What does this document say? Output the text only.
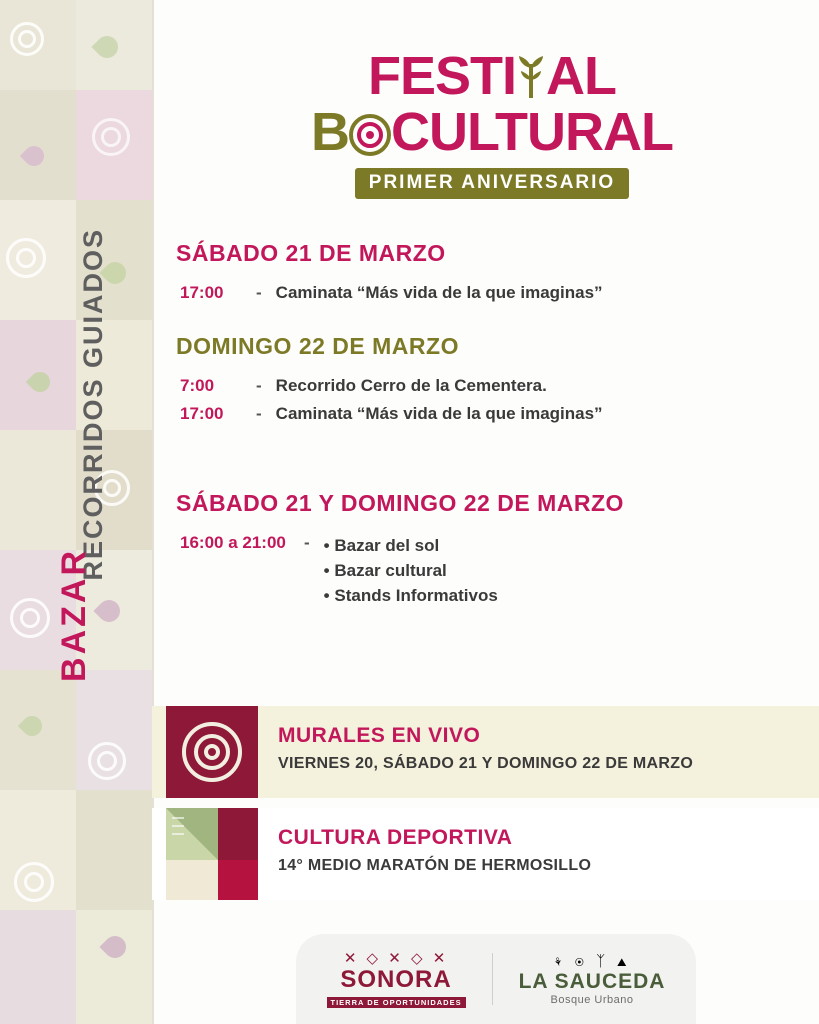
RECORRIDOS GUIADOS
BAZAR
FESTI AL
B CULTURAL
PRIMER ANIVERSARIO
SÁBADO 21 DE MARZO
17:00	- Caminata “Más vida de la que imaginas”
DOMINGO 22 DE MARZO
7:00	- Recorrido Cerro de la Cementera.
17:00	- Caminata “Más vida de la que imaginas”
SÁBADO 21 Y DOMINGO 22 DE MARZO
16:00 a 21:00	-	• Bazar del sol
• Bazar cultural
• Stands Informativos
MURALES EN VIVO
VIERNES 20, SÁBADO 21 Y DOMINGO 22 DE MARZO
CULTURA DEPORTIVA
14° MEDIO MARATÓN DE HERMOSILLO
✕ ◇ ✕ ◇ ✕
SONORA
TIERRA DE OPORTUNIDADES
⚘ ◉ ᛉ ⛰
LA SAUCEDA
Bosque Urbano
